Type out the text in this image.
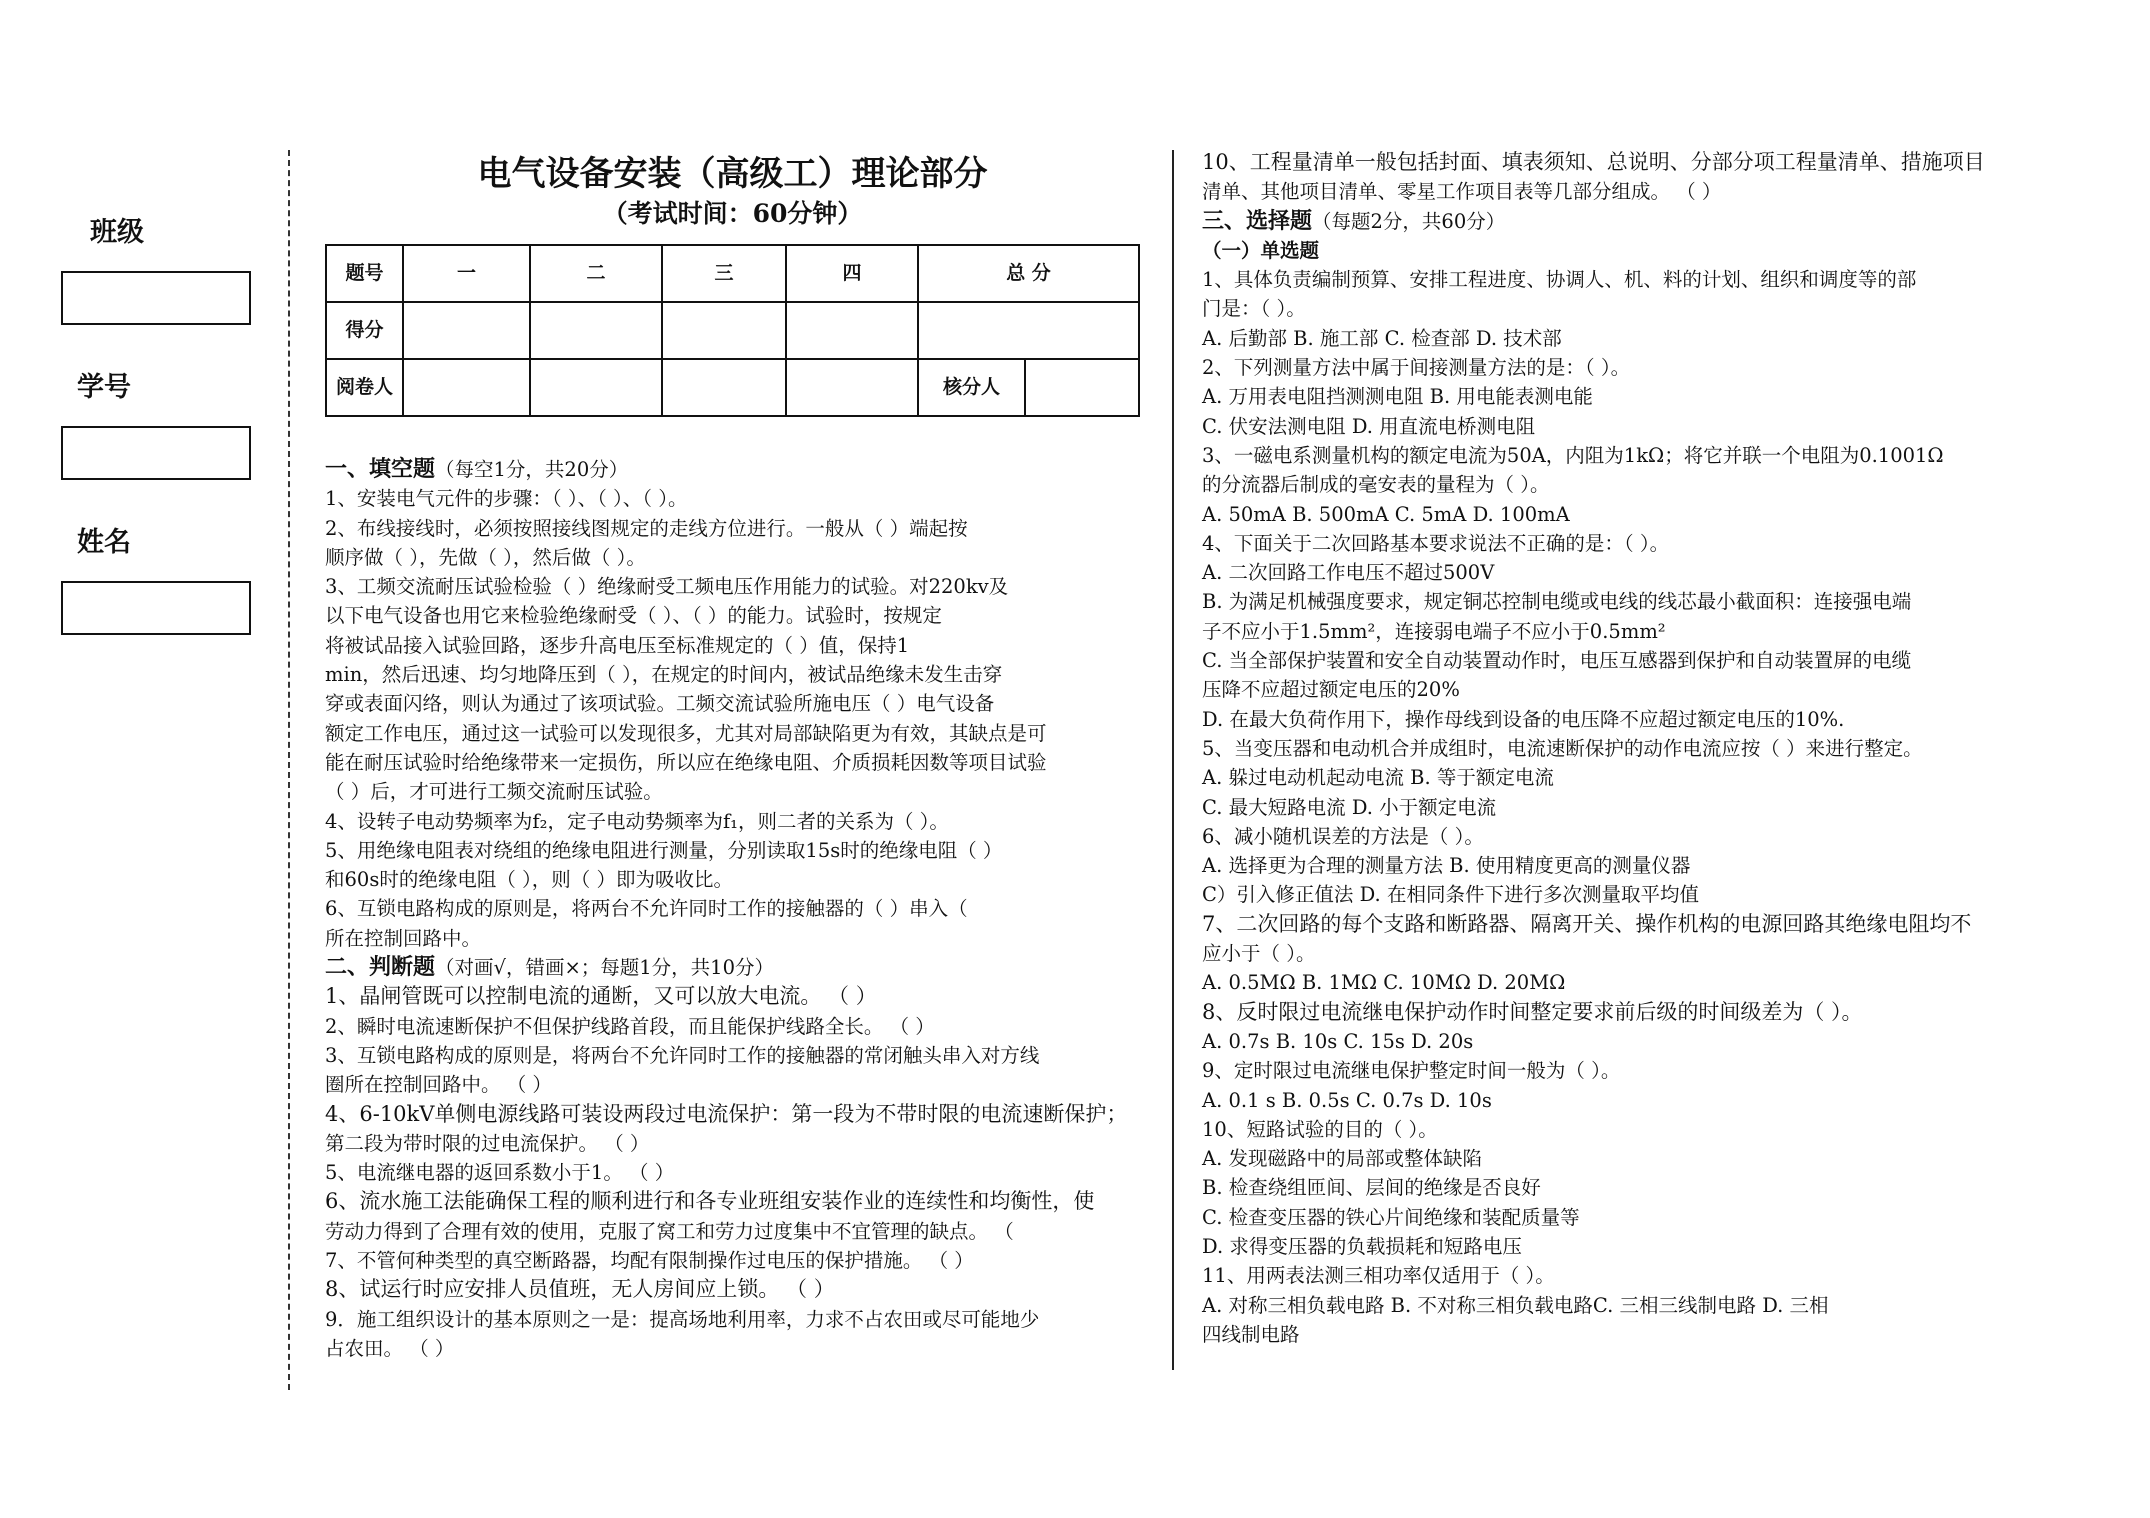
班级
学号
姓名
电气设备安装（高级工）理论部分
（考试时间：60分钟）
题号	一	二	三	四	总 分	
得分						
阅卷人					核分人	

一、填空题（每空1分，共20分）

1、安装电气元件的步骤：（ ）、（ ）、（ ）。

2、布线接线时，必须按照接线图规定的走线方位进行。一般从（ ）端起按

顺序做（ ），先做（ ），然后做（ ）。

3、工频交流耐压试验检验（ ）绝缘耐受工频电压作用能力的试验。对220kv及

以下电气设备也用它来检验绝缘耐受（ ）、（ ）的能力。试验时，按规定

将被试品接入试验回路，逐步升高电压至标准规定的（ ）值，保持1

min，然后迅速、均匀地降压到（ ），在规定的时间内，被试品绝缘未发生击穿

穿或表面闪络，则认为通过了该项试验。工频交流试验所施电压（ ）电气设备

额定工作电压，通过这一试验可以发现很多，尤其对局部缺陷更为有效，其缺点是可

能在耐压试验时给绝缘带来一定损伤，所以应在绝缘电阻、介质损耗因数等项目试验

（ ）后，才可进行工频交流耐压试验。

4、设转子电动势频率为f₂，定子电动势频率为f₁，则二者的关系为（ ）。

5、用绝缘电阻表对绕组的绝缘电阻进行测量，分别读取15s时的绝缘电阻（ ）

和60s时的绝缘电阻（ ），则（ ）即为吸收比。

6、互锁电路构成的原则是，将两台不允许同时工作的接触器的（ ）串入（

所在控制回路中。

二、判断题（对画√，错画×；每题1分，共10分）

1、晶闸管既可以控制电流的通断，又可以放大电流。 （ ）

2、瞬时电流速断保护不但保护线路首段，而且能保护线路全长。 （ ）

3、互锁电路构成的原则是，将两台不允许同时工作的接触器的常闭触头串入对方线

圈所在控制回路中。 （ ）

4、6-10kV单侧电源线路可装设两段过电流保护：第一段为不带时限的电流速断保护；

第二段为带时限的过电流保护。 （ ）

5、电流继电器的返回系数小于1。 （ ）

6、流水施工法能确保工程的顺利进行和各专业班组安装作业的连续性和均衡性，使

劳动力得到了合理有效的使用，克服了窝工和劳力过度集中不宜管理的缺点。 （

7、不管何种类型的真空断路器，均配有限制操作过电压的保护措施。 （ ）

8、试运行时应安排人员值班，无人房间应上锁。 （ ）

9．施工组织设计的基本原则之一是：提高场地利用率，力求不占农田或尽可能地少

占农田。 （ ）

10、工程量清单一般包括封面、填表须知、总说明、分部分项工程量清单、措施项目

清单、其他项目清单、零星工作项目表等几部分组成。 （ ）

三、选择题（每题2分，共60分）

（一）单选题

1、具体负责编制预算、安排工程进度、协调人、机、料的计划、组织和调度等的部

门是：（ ）。

A. 后勤部 B. 施工部 C. 检查部 D. 技术部

2、下列测量方法中属于间接测量方法的是：（ ）。

A. 万用表电阻挡测测电阻 B. 用电能表测电能

C. 伏安法测电阻 D. 用直流电桥测电阻

3、一磁电系测量机构的额定电流为50A，内阻为1kΩ；将它并联一个电阻为0.1001Ω

的分流器后制成的毫安表的量程为（ ）。

A. 50mA B. 500mA C. 5mA D. 100mA

4、下面关于二次回路基本要求说法不正确的是：（ ）。

A. 二次回路工作电压不超过500V

B. 为满足机械强度要求，规定铜芯控制电缆或电线的线芯最小截面积：连接强电端

子不应小于1.5mm²，连接弱电端子不应小于0.5mm²

C. 当全部保护装置和安全自动装置动作时，电压互感器到保护和自动装置屏的电缆

压降不应超过额定电压的20%

D. 在最大负荷作用下，操作母线到设备的电压降不应超过额定电压的10%.

5、当变压器和电动机合并成组时，电流速断保护的动作电流应按（ ）来进行整定。

A. 躲过电动机起动电流 B. 等于额定电流

C. 最大短路电流 D. 小于额定电流

6、减小随机误差的方法是（ ）。

A. 选择更为合理的测量方法 B. 使用精度更高的测量仪器

C）引入修正值法 D. 在相同条件下进行多次测量取平均值

7、二次回路的每个支路和断路器、隔离开关、操作机构的电源回路其绝缘电阻均不

应小于（ ）。

A. 0.5MΩ B. 1MΩ C. 10MΩ D. 20MΩ

8、反时限过电流继电保护动作时间整定要求前后级的时间级差为（ ）。

A. 0.7s B. 10s C. 15s D. 20s

9、定时限过电流继电保护整定时间一般为（ ）。

A. 0.1 s B. 0.5s C. 0.7s D. 10s

10、短路试验的目的（ ）。

A. 发现磁路中的局部或整体缺陷

B. 检查绕组匝间、层间的绝缘是否良好

C. 检查变压器的铁心片间绝缘和装配质量等

D. 求得变压器的负载损耗和短路电压

11、用两表法测三相功率仅适用于（ ）。

A. 对称三相负载电路 B. 不对称三相负载电路C. 三相三线制电路 D. 三相

四线制电路
